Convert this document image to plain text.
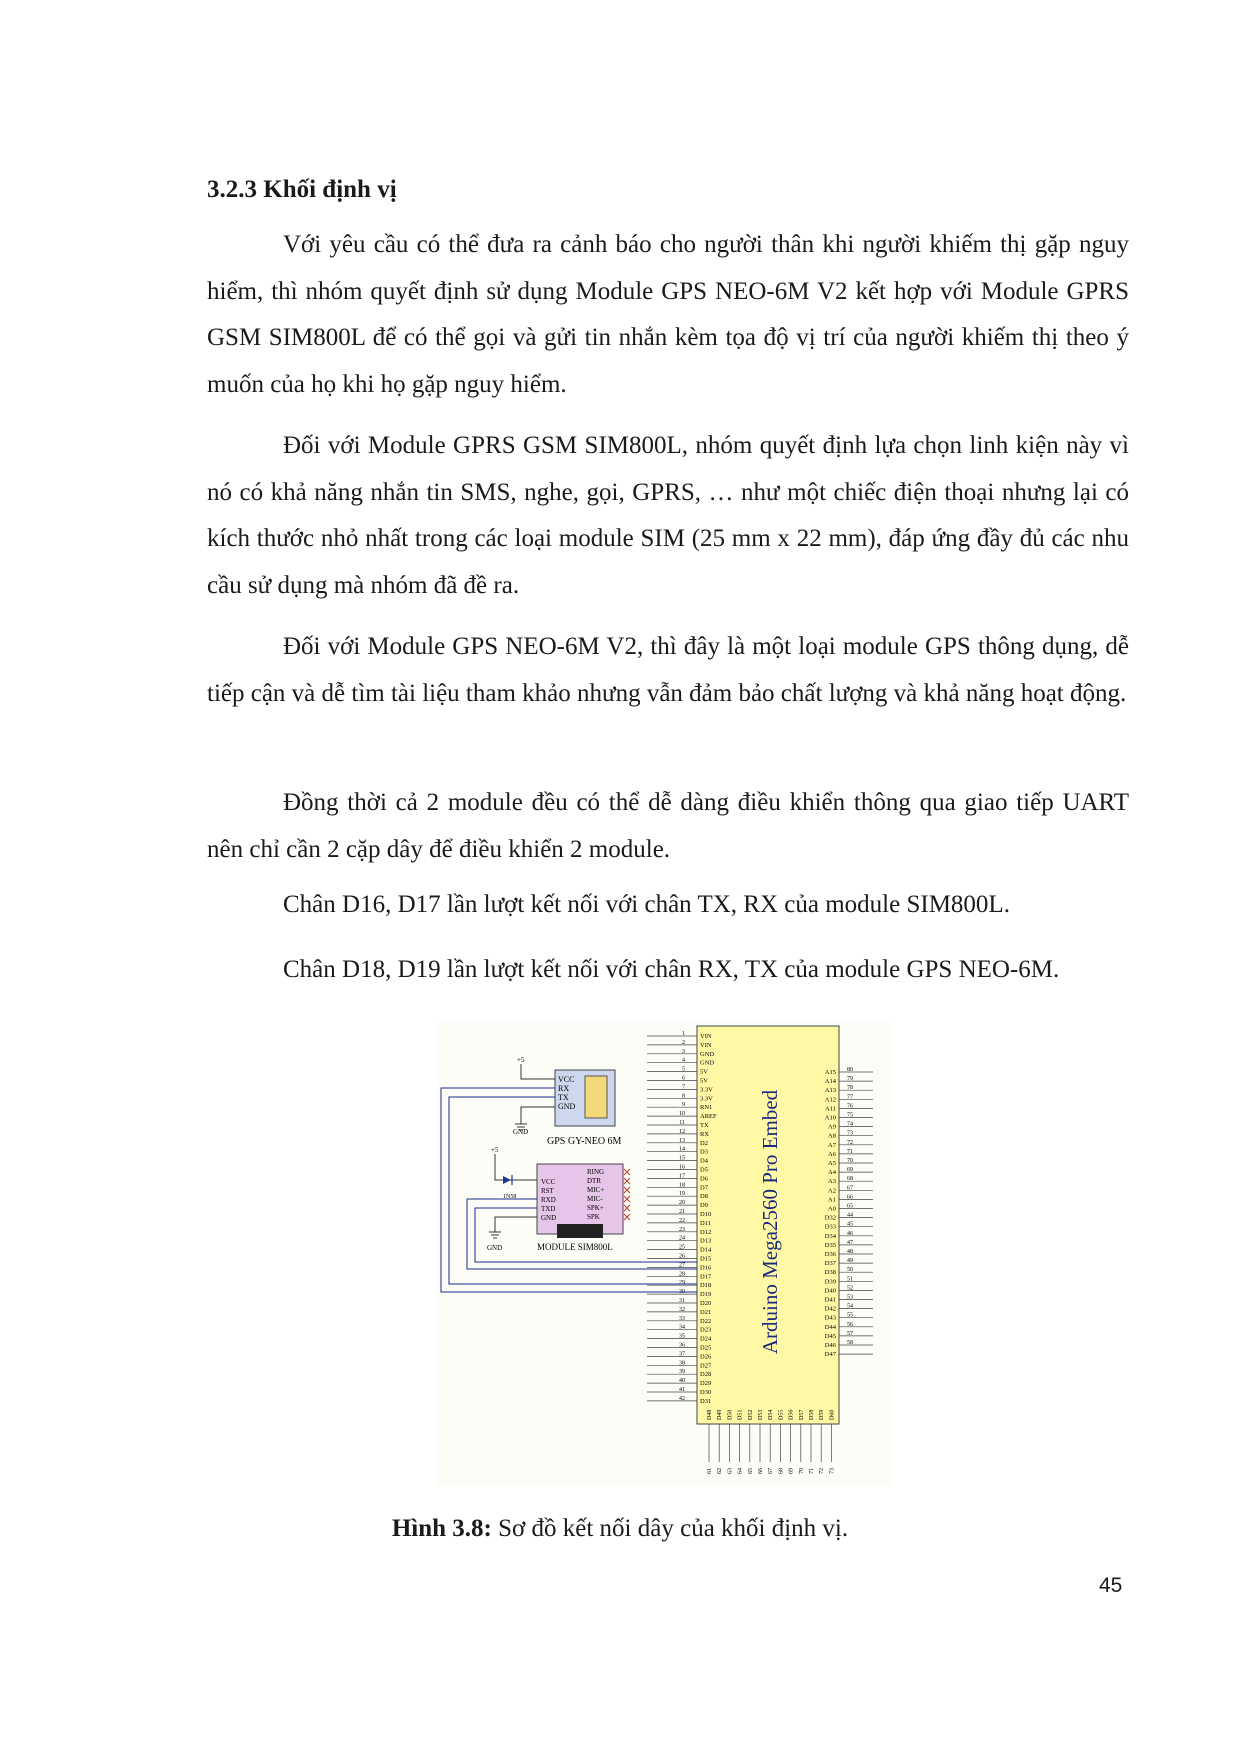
3.2.3 Khối định vị

Với yêu cầu có thể đưa ra cảnh báo cho người thân khi người khiếm thị gặp nguy hiểm, thì nhóm quyết định sử dụng Module GPS NEO-6M V2 kết hợp với Module GPRS GSM SIM800L để có thể gọi và gửi tin nhắn kèm tọa độ vị trí của người khiếm thị theo ý muốn của họ khi họ gặp nguy hiểm.

Đối với Module GPRS GSM SIM800L, nhóm quyết định lựa chọn linh kiện này vì nó có khả năng nhắn tin SMS, nghe, gọi, GPRS, … như một chiếc điện thoại nhưng lại có kích thước nhỏ nhất trong các loại module SIM (25 mm x 22 mm), đáp ứng đầy đủ các nhu cầu sử dụng mà nhóm đã đề ra.

Đối với Module GPS NEO-6M V2, thì đây là một loại module GPS thông dụng, dễ tiếp cận và dễ tìm tài liệu tham khảo nhưng vẫn đảm bảo chất lượng và khả năng hoạt động.

Đồng thời cả 2 module đều có thể dễ dàng điều khiển thông qua giao tiếp UART nên chỉ cần 2 cặp dây để điều khiển 2 module.

Chân D16, D17 lần lượt kết nối với chân TX, RX của module SIM800L.

Chân D18, D19 lần lượt kết nối với chân RX, TX của module GPS NEO-6M.

Arduino Mega2560 Pro Embed
1 VIN
2 VIN
3 GND
4 GND
5 5V
6 5V
7 3.3V
8 3.3V
9 RN1
10 AREF
11 TX
12 RX
13 D2
14 D3
15 D4
16 D5
17 D6
18 D7
19 D8
20 D9
21 D10
22 D11
23 D12
24 D13
25 D14
26 D15
27 D16
28 D17
29 D18
30 D19
31 D20
32 D21
33 D22
34 D23
35 D24
36 D25
37 D26
38 D27
39 D28
40 D29
41 D30
42 D31
A15 80
A14 79
A13 78
A12 77
A11 76
A10 75
A9 74
A8 73
A7 72
A6 71
A5 70
A4 69
A3 68
A2 67
A1 66
A0 65
D32 44
D33 45
D34 46
D35 47
D36 48
D37 49
D38 50
D39 51
D40 52
D41 53
D42 54
D43 55
D44 56
D45 57
D46 58
D47
D48
61
D49
62
D50
63
D51
64
D52
65
D53
66
D54
67
D55
68
D56
69
D57
70
D58
71
D59
72
D60
73
VCC
RX
TX
GND
GPS GY-NEO 6M
+5
GND
VCC
RST
RXD
TXD
GND
RING
DTR
MIC+
MIC-
SPK+
SPK
MODULE SIM800L
+5
1N58
GND

Hình 3.8: Sơ đồ kết nối dây của khối định vị.

45
